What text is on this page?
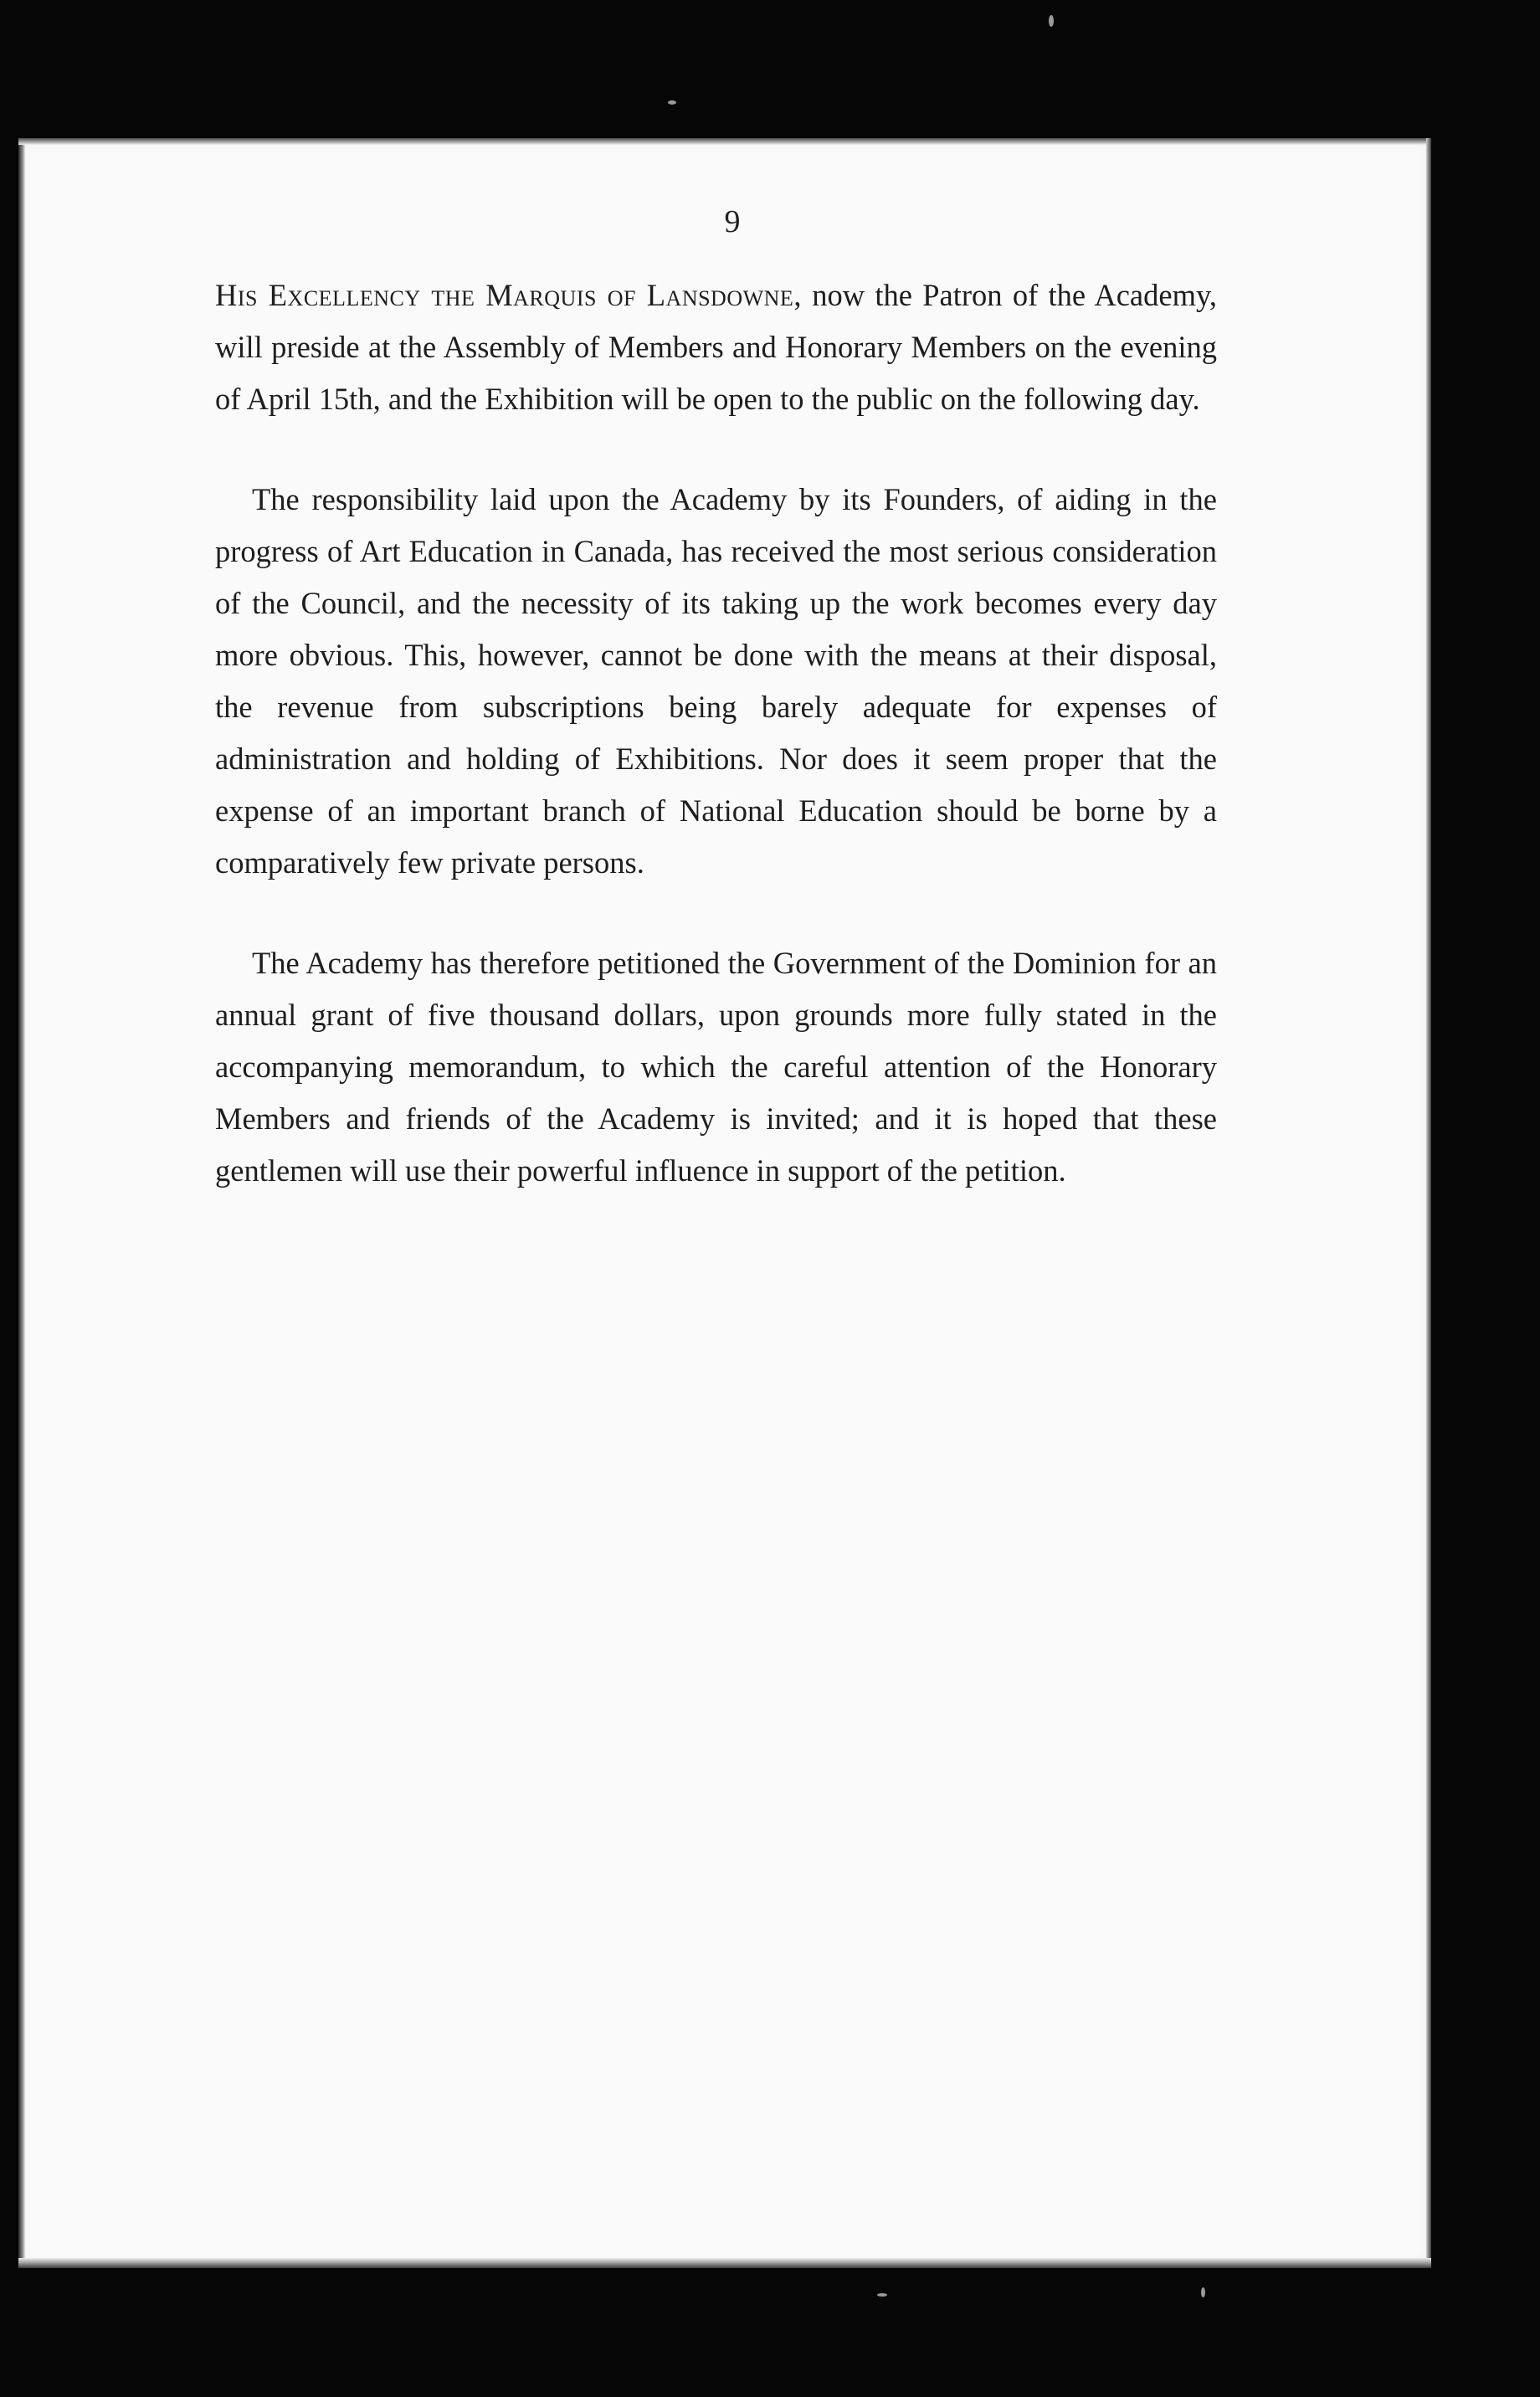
9

His Excellency the Marquis of Lansdowne, now the Patron of the Academy, will preside at the Assembly of Members and Honorary Members on the evening of April 15th, and the Exhibition will be open to the public on the following day.

The responsibility laid upon the Academy by its Founders, of aiding in the progress of Art Education in Canada, has received the most serious consideration of the Council, and the necessity of its taking up the work becomes every day more obvious. This, however, cannot be done with the means at their disposal, the revenue from subscriptions being barely adequate for expenses of administration and holding of Exhibitions. Nor does it seem proper that the expense of an important branch of National Education should be borne by a comparatively few private persons.

The Academy has therefore petitioned the Government of the Dominion for an annual grant of five thousand dollars, upon grounds more fully stated in the accompanying memorandum, to which the careful attention of the Honorary Members and friends of the Academy is invited; and it is hoped that these gentlemen will use their powerful influence in support of the petition.
